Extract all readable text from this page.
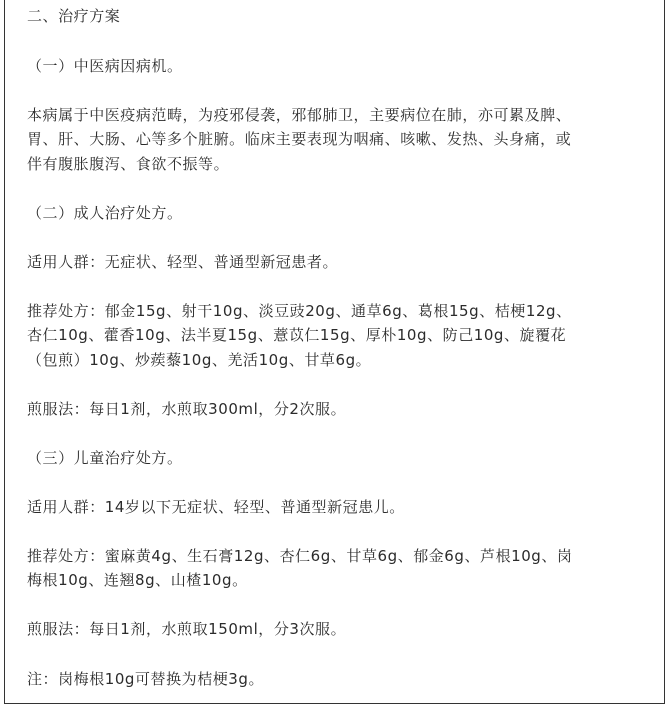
二、治疗方案
（一）中医病因病机。
本病属于中医疫病范畴，为疫邪侵袭，邪郁肺卫，主要病位在肺，亦可累及脾、
胃、肝、大肠、心等多个脏腑。临床主要表现为咽痛、咳嗽、发热、头身痛，或
伴有腹胀腹泻、食欲不振等。
（二）成人治疗处方。
适用人群：无症状、轻型、普通型新冠患者。
推荐处方：郁金15g、射干10g、淡豆豉20g、通草6g、葛根15g、桔梗12g、
杏仁10g、藿香10g、法半夏15g、薏苡仁15g、厚朴10g、防己10g、旋覆花
（包煎）10g、炒蒺藜10g、羌活10g、甘草6g。
煎服法：每日1剂，水煎取300ml，分2次服。
（三）儿童治疗处方。
适用人群：14岁以下无症状、轻型、普通型新冠患儿。
推荐处方：蜜麻黄4g、生石膏12g、杏仁6g、甘草6g、郁金6g、芦根10g、岗
梅根10g、连翘8g、山楂10g。
煎服法：每日1剂，水煎取150ml，分3次服。
注：岗梅根10g可替换为桔梗3g。
